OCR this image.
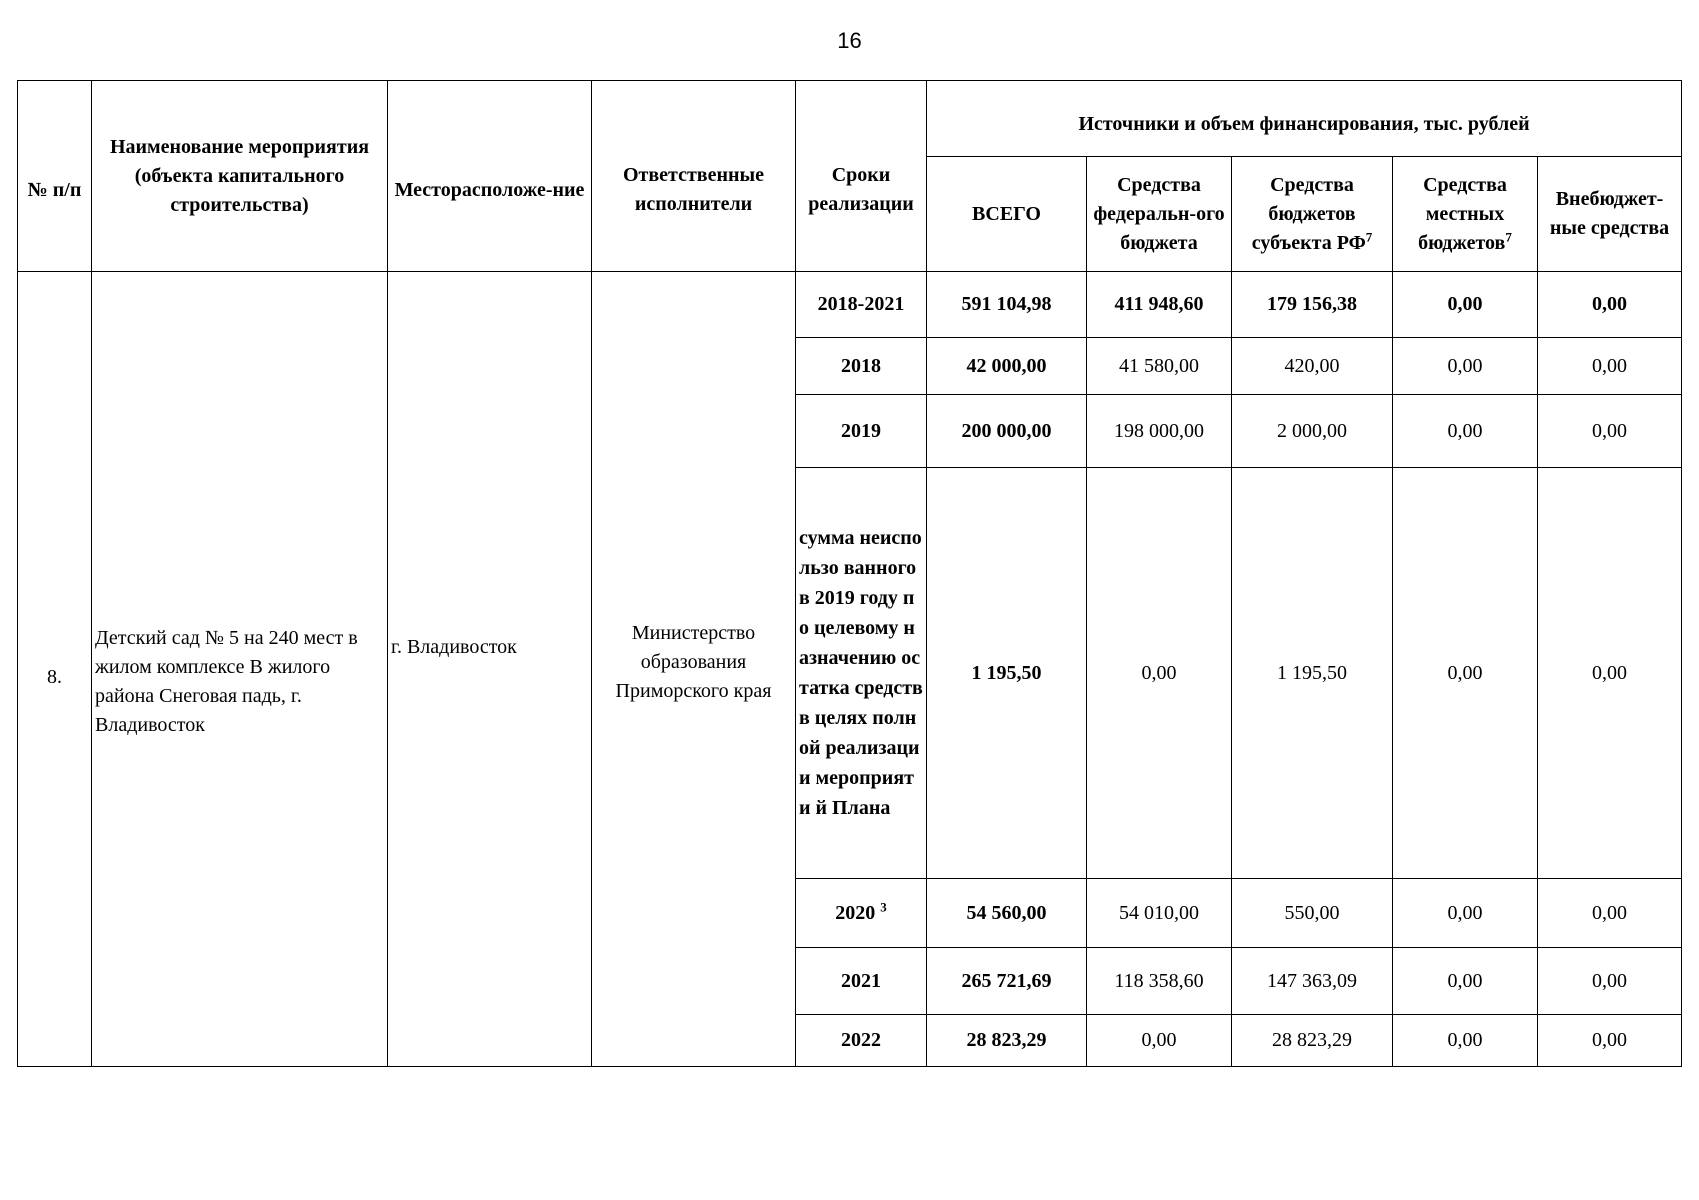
16
№ п/п	Наименование мероприятия (объекта капитального строительства)	Месторасположе-ние	Ответственные исполнители	Сроки реализации	Источники и объем финансирования, тыс. рублей				
					ВСЕГО	Средства федеральн-ого бюджета	Средства бюджетов субъекта $РФ^7$	Средства местных бюджетов$^7$	Внебюджет-ные средства
8.	Детский сад № 5 на 240 мест в жилом комплексе В жилого района Снеговая падь, г. Владивосток	г. Владивосток	Министерство образования Приморского края	2018-2021	591 104,98	411 948,60	179 156,38	0,00	0,00
				2018	42 000,00	41 580,00	420,00	0,00	0,00
				2019	200 000,00	198 000,00	2 000,00	0,00	0,00
				сумма неиспользо ванного в 2019 году по целевому назначению остатка средств в целях полной реализации мероприяти й Плана	1 195,50	0,00	1 195,50	0,00	0,00
				2020 $^3$	54 560,00	54 010,00	550,00	0,00	0,00
				2021	265 721,69	118 358,60	147 363,09	0,00	0,00
				2022	28 823,29	0,00	28 823,29	0,00	0,00
